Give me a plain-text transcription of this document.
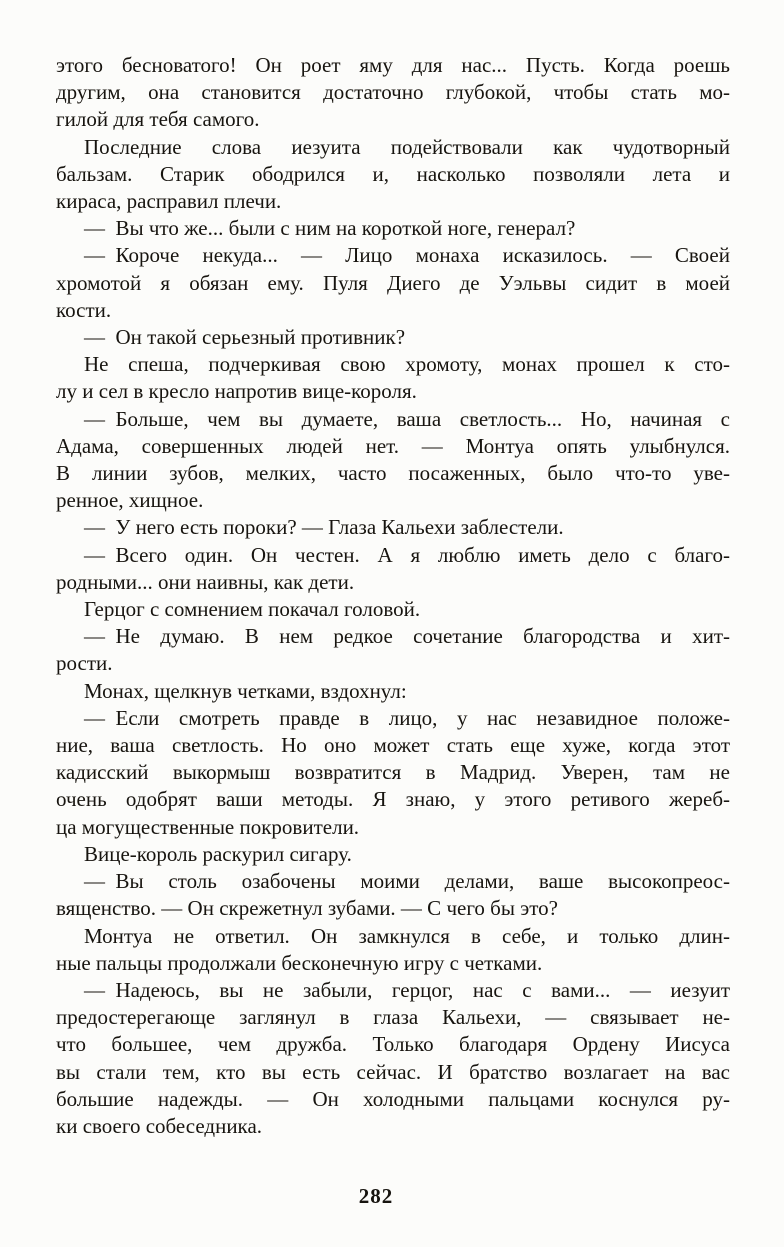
этого бесноватого! Он роет яму для нас... Пусть. Когда роешь
другим, она становится достаточно глубокой, чтобы стать мо-
гилой для тебя самого.
Последние слова иезуита подействовали как чудотворный
бальзам. Старик ободрился и, насколько позволяли лета и
кираса, расправил плечи.
— Вы что же... были с ним на короткой ноге, генерал?
— Короче некуда... — Лицо монаха исказилось. — Своей
хромотой я обязан ему. Пуля Диего де Уэльвы сидит в моей
кости.
— Он такой серьезный противник?
Не спеша, подчеркивая свою хромоту, монах прошел к сто-
лу и сел в кресло напротив вице-короля.
— Больше, чем вы думаете, ваша светлость... Но, начиная с
Адама, совершенных людей нет. — Монтуа опять улыбнулся.
В линии зубов, мелких, часто посаженных, было что-то уве-
ренное, хищное.
— У него есть пороки? — Глаза Кальехи заблестели.
— Всего один. Он честен. А я люблю иметь дело с благо-
родными... они наивны, как дети.
Герцог с сомнением покачал головой.
— Не думаю. В нем редкое сочетание благородства и хит-
рости.
Монах, щелкнув четками, вздохнул:
— Если смотреть правде в лицо, у нас незавидное положе-
ние, ваша светлость. Но оно может стать еще хуже, когда этот
кадисский выкормыш возвратится в Мадрид. Уверен, там не
очень одобрят ваши методы. Я знаю, у этого ретивого жереб-
ца могущественные покровители.
Вице-король раскурил сигару.
— Вы столь озабочены моими делами, ваше высокопреос-
вященство. — Он скрежетнул зубами. — С чего бы это?
Монтуа не ответил. Он замкнулся в себе, и только длин-
ные пальцы продолжали бесконечную игру с четками.
— Надеюсь, вы не забыли, герцог, нас с вами... — иезуит
предостерегающе заглянул в глаза Кальехи, — связывает не-
что большее, чем дружба. Только благодаря Ордену Иисуса
вы стали тем, кто вы есть сейчас. И братство возлагает на вас
большие надежды. — Он холодными пальцами коснулся ру-
ки своего собеседника.
282
